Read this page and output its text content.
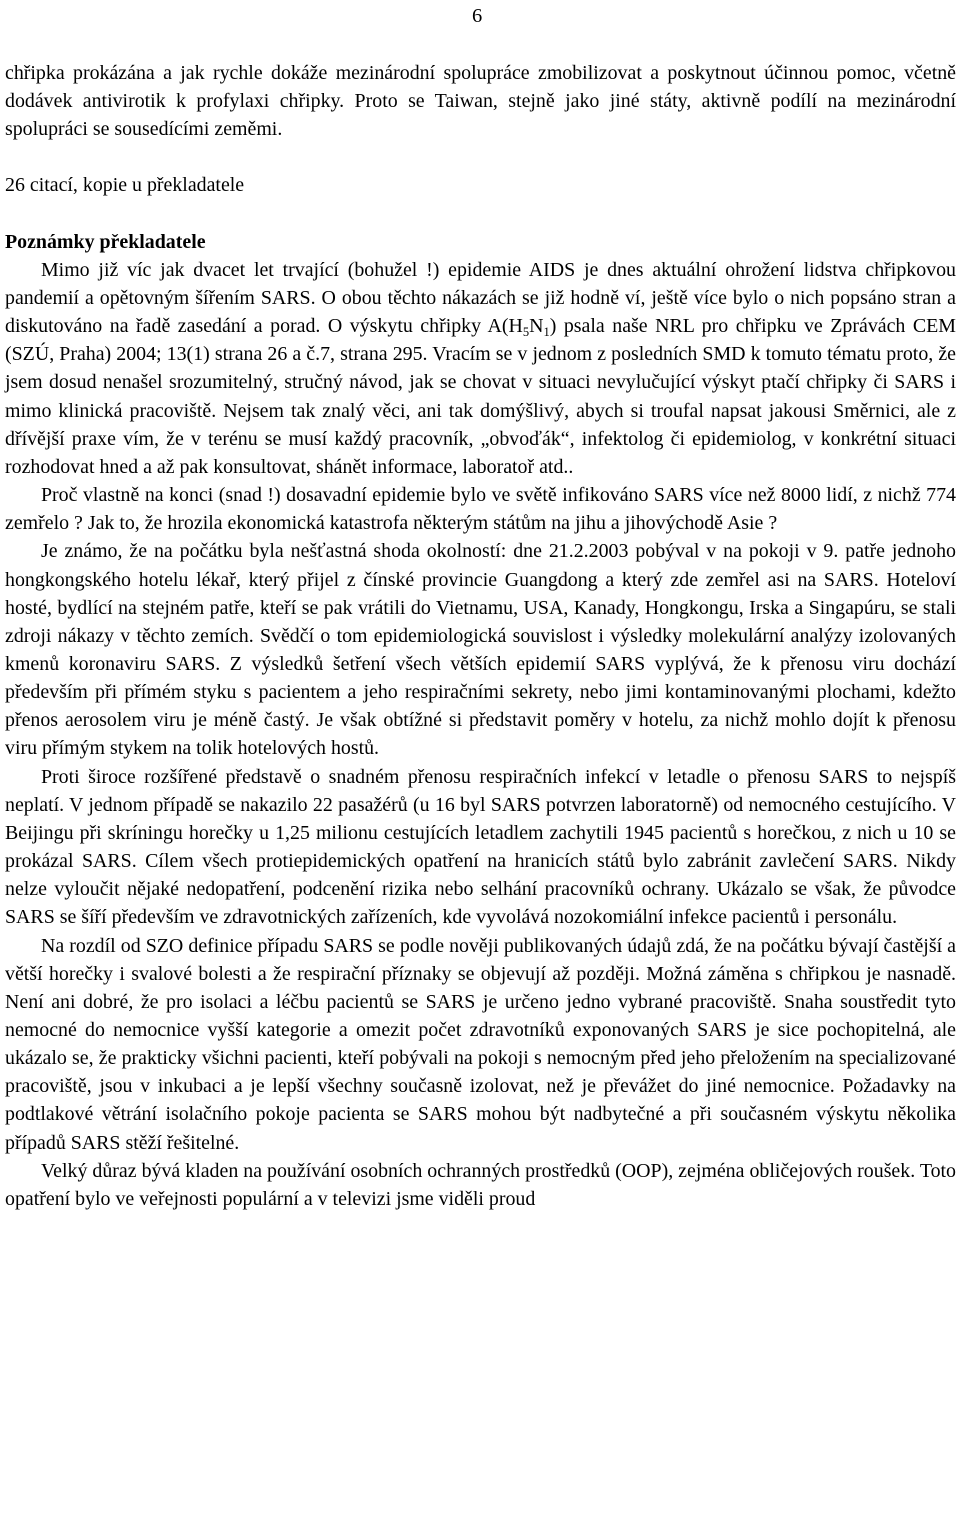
6

chřipka prokázána a jak rychle dokáže mezinárodní spolupráce zmobilizovat a poskytnout účinnou pomoc, včetně dodávek antivirotik k profylaxi chřipky. Proto se Taiwan, stejně jako jiné státy, aktivně podílí na mezinárodní spolupráci se sousedícími zeměmi.

26 citací, kopie u překladatele

Poznámky překladatele

Mimo již víc jak dvacet let trvající (bohužel !) epidemie AIDS je dnes aktuální ohrožení lidstva chřipkovou pandemií a opětovným šířením SARS. O obou těchto nákazách se již hodně ví, ještě více bylo o nich popsáno stran a diskutováno na řadě zasedání a porad. O výskytu chřipky $A(H_5N_1)$ psala naše NRL pro chřipku ve Zprávách CEM (SZÚ, Praha) 2004; 13(1) strana 26 a č.7, strana 295. Vracím se v jednom z posledních SMD k tomuto tématu proto, že jsem dosud nenašel srozumitelný, stručný návod, jak se chovat v situaci nevylučující výskyt ptačí chřipky či SARS i mimo klinická pracoviště. Nejsem tak znalý věci, ani tak domýšlivý, abych si troufal napsat jakousi Směrnici, ale z dřívější praxe vím, že v terénu se musí každý pracovník, „obvoďák“, infektolog či epidemiolog, v konkrétní situaci rozhodovat hned a až pak konsultovat, shánět informace, laboratoř atd..

Proč vlastně na konci (snad !) dosavadní epidemie bylo ve světě infikováno SARS více než 8000 lidí, z nichž 774 zemřelo ? Jak to, že hrozila ekonomická katastrofa některým státům na jihu a jihovýchodě Asie ?

Je známo, že na počátku byla nešťastná shoda okolností: dne 21.2.2003 pobýval v na pokoji v 9. patře jednoho hongkongského hotelu lékař, který přijel z čínské provincie Guangdong a který zde zemřel asi na SARS. Hoteloví hosté, bydlící na stejném patře, kteří se pak vrátili do Vietnamu, USA, Kanady, Hongkongu, Irska a Singapúru, se stali zdroji nákazy v těchto zemích. Svědčí o tom epidemiologická souvislost i výsledky molekulární analýzy izolovaných kmenů koronaviru SARS. Z výsledků šetření všech větších epidemií SARS vyplývá, že k přenosu viru dochází především při přímém styku s pacientem a jeho respiračními sekrety, nebo jimi kontaminovanými plochami, kdežto přenos aerosolem viru je méně častý. Je však obtížné si představit poměry v hotelu, za nichž mohlo dojít k přenosu viru přímým stykem na tolik hotelových hostů.

Proti široce rozšířené představě o snadném přenosu respiračních infekcí v letadle o přenosu SARS to nejspíš neplatí. V jednom případě se nakazilo 22 pasažérů (u 16 byl SARS potvrzen laboratorně) od nemocného cestujícího. V Beijingu při skríningu horečky u 1,25 milionu cestujících letadlem zachytili 1945 pacientů s horečkou, z nich u 10 se prokázal SARS. Cílem všech protiepidemických opatření na hranicích států bylo zabránit zavlečení SARS. Nikdy nelze vyloučit nějaké nedopatření, podcenění rizika nebo selhání pracovníků ochrany. Ukázalo se však, že původce SARS se šíří především ve zdravotnických zařízeních, kde vyvolává nozokomiální infekce pacientů i personálu.

Na rozdíl od SZO definice případu SARS se podle nověji publikovaných údajů zdá, že na počátku bývají častější a větší horečky i svalové bolesti a že respirační příznaky se objevují až později. Možná záměna s chřipkou je nasnadě. Není ani dobré, že pro isolaci a léčbu pacientů se SARS je určeno jedno vybrané pracoviště. Snaha soustředit tyto nemocné do nemocnice vyšší kategorie a omezit počet zdravotníků exponovaných SARS je sice pochopitelná, ale ukázalo se, že prakticky všichni pacienti, kteří pobývali na pokoji s nemocným před jeho přeložením na specializované pracoviště, jsou v inkubaci a je lepší všechny současně izolovat, než je převážet do jiné nemocnice. Požadavky na podtlakové větrání isolačního pokoje pacienta se SARS mohou být nadbytečné a při současném výskytu několika případů SARS stěží řešitelné.

Velký důraz bývá kladen na používání osobních ochranných prostředků (OOP), zejména obličejových roušek. Toto opatření bylo ve veřejnosti populární a v televizi jsme viděli proud
